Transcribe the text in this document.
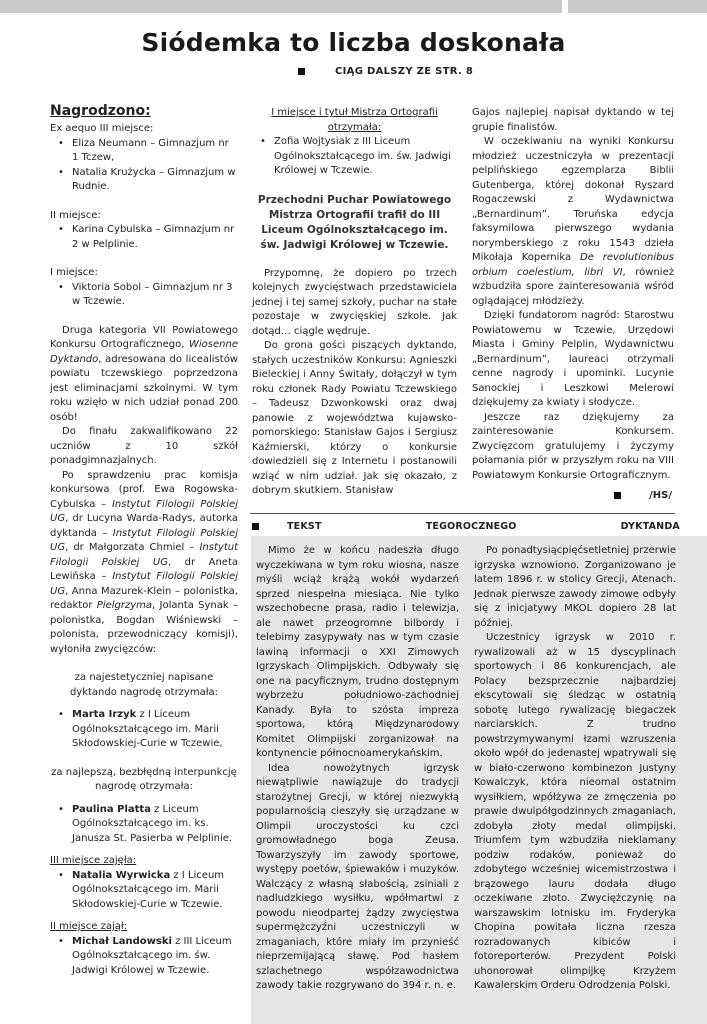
Siódemka to liczba doskonała
CIĄG DALSZY ZE STR. 8
Nagrodzono:
Ex aequo III miejsce:
• Eliza Neumann – Gimnazjum nr 1 Tczew,
• Natalia Krużycka – Gimnazjum w Rudnie.
II miejsce:
• Karina Cybulska – Gimnazjum nr 2 w Pelplinie.
I miejsce:
• Viktoria Sobol – Gimnazjum nr 3 w Tczewie.

Druga kategoria VII Powiatowego Konkursu Ortograficznego, Wiosenne Dyktando, adresowana do licealistów powiatu tczewskiego poprzedzona jest eliminacjami szkolnymi. W tym roku wzięło w nich udział ponad 200 osób!

Do finału zakwalifikowano 22 uczniów z 10 szkół ponadgimnazjalnych.

Po sprawdzeniu prac komisja konkursowa (prof. Ewa Rogowska-Cybulska – Instytut Filologii Polskiej UG, dr Lucyna Warda-Radys, autorka dyktanda – Instytut Filologii Polskiej UG, dr Małgorzata Chmiel – Instytut Filologii Polskiej UG, dr Aneta Lewińska – Instytut Filologii Polskiej UG, Anna Mazurek-Klein – polonistka, redaktor Pielgrzyma, Jolanta Synak – polonistka, Bogdan Wiśniewski – polonista, przewodniczący komisji), wyłoniła zwycięzców:

za najestetyczniej napisane dyktando nagrodę otrzymała:

• Marta Irzyk z I Liceum Ogólnokształcącego im. Marii Skłodowskiej-Curie w Tczewie,

za najlepszą, bezbłędną interpunkcję nagrodę otrzymała:

• Paulina Platta z Liceum Ogólnokształcącego im. ks. Janusza St. Pasierba w Pelplinie.
III miejsce zajęła:
• Natalia Wyrwicka z I Liceum Ogólnokształcącego im. Marii Skłodowskiej-Curie w Tczewie.
II miejsce zajął:
• Michał Landowski z III Liceum Ogólnokształcącego im. św. Jadwigi Królowej w Tczewie.
I miejsce i tytuł Mistrza Ortografii otrzymała:
• Zofia Wojtysiak z III Liceum Ogólnokształcącego im. św. Jadwigi Królowej w Tczewie.
Przechodni Puchar Powiatowego Mistrza Ortografii trafił do III Liceum Ogólnokształcącego im. św. Jadwigi Królowej w Tczewie.

Przypomnę, że dopiero po trzech kolejnych zwycięstwach przedstawiciela jednej i tej samej szkoły, puchar na stałe pozostaje w zwycięskiej szkole. Jak dotąd… ciągle wędruje.

Do grona gości piszących dyktando, stałych uczestników Konkursu: Agnieszki Bieleckiej i Anny Świtały, dołączył w tym roku członek Rady Powiatu Tczewskiego – Tadeusz Dzwonkowski oraz dwaj panowie z województwa kujawsko-pomorskiego: Stanisław Gajos i Sergiusz Kaźmierski, którzy o konkursie dowiedzieli się z Internetu i postanowili wziąć w nim udział. Jak się okazało, z dobrym skutkiem. Stanisław

Gajos najlepiej napisał dyktando w tej grupie finalistów.

W oczekiwaniu na wyniki Konkursu młodzież uczestniczyła w prezentacji pelplińskiego egzemplarza Biblii Gutenberga, której dokonał Ryszard Rogaczewski z Wydawnictwa „Bernardinum”. Toruńska edycja faksymilowa pierwszego wydania norymberskiego z roku 1543 dzieła Mikołaja Kopernika De revolutionibus orbium coelestium, libri VI, również wzbudziła spore zainteresowania wśród oglądającej młodzieży.

Dzięki fundatorom nagród: Starostwu Powiatowemu w Tczewie, Urzędowi Miasta i Gminy Pelplin, Wydawnictwu „Bernardinum”, laureaci otrzymali cenne nagrody i upominki. Lucynie Sanockiej i Leszkowi Melerowi dziękujemy za kwiaty i słodycze.

Jeszcze raz dziękujemy za zainteresowanie Konkursem. Zwycięzcom gratulujemy i życzymy połamania piór w przyszłym roku na VIII Powiatowym Konkursie Ortograficznym.

/HS/
TEKST	TEGOROCZNEGO	DYKTANDA

Mimo że w końcu nadeszła długo wyczekiwana w tym roku wiosna, nasze myśli wciąż krążą wokół wydarzeń sprzed niespełna miesiąca. Nie tylko wszechobecne prasa, radio i telewizja, ale nawet przeogromne bilbordy i telebimy zasypywały nas w tym czasie lawiną informacji o XXI Zimowych Igrzyskach Olimpijskich. Odbywały się one na pacyficznym, trudno dostępnym wybrzeżu południowo-zachodniej Kanady. Była to szósta impreza sportowa, którą Międzynarodowy Komitet Olimpijski zorganizował na kontynencie północnoamerykańskim.

Idea nowożytnych igrzysk niewątpliwie nawiązuje do tradycji starożytnej Grecji, w której niezwykłą popularnością cieszyły się urządzane w Olimpii uroczystości ku czci gromowładnego boga Zeusa. Towarzyszyły im zawody sportowe, występy poetów, śpiewaków i muzyków. Walczący z własną słabością, zsiniali z nadludzkiego wysiłku, wpółmartwi z powodu nieodpartej żądzy zwycięstwa supermężczyźni uczestniczyli w zmaganiach, które miały im przynieść nieprzemijającą sławę. Pod hasłem szlachetnego współzawodnictwa zawody takie rozgrywano do 394 r. n. e.

Po ponadtysiącpięćsetletniej przerwie igrzyska wznowiono. Zorganizowano je latem 1896 r. w stolicy Grecji, Atenach. Jednak pierwsze zawody zimowe odbyły się z inicjatywy MKOL dopiero 28 lat później.

Uczestnicy igrzysk w 2010 r. rywalizowali aż w 15 dyscyplinach sportowych i 86 konkurencjach, ale Polacy bezsprzecznie najbardziej ekscytowali się śledząc w ostatnią sobotę lutego rywalizację biegaczek narciarskich. Z trudno powstrzymywanymi łzami wzruszenia około wpół do jedenastej wpatrywali się w biało-czerwono kombinezon Justyny Kowalczyk, która nieomal ostatnim wysiłkiem, wpółżywa ze zmęczenia po prawie dwuipółgodzinnych zmaganiach, zdobyła złoty medal olimpijski. Triumfem tym wzbudziła nieklamany podziw rodaków, ponieważ do zdobytego wcześniej wicemistrzostwa i brązowego lauru dodała długo oczekiwane złoto. Zwyciężczynię na warszawskim lotnisku im. Fryderyka Chopina powitała liczna rzesza rozradowanych kibiców i fotoreporterów. Prezydent Polski uhonorował olimpijkę Krzyżem Kawalerskim Orderu Odrodzenia Polski.
